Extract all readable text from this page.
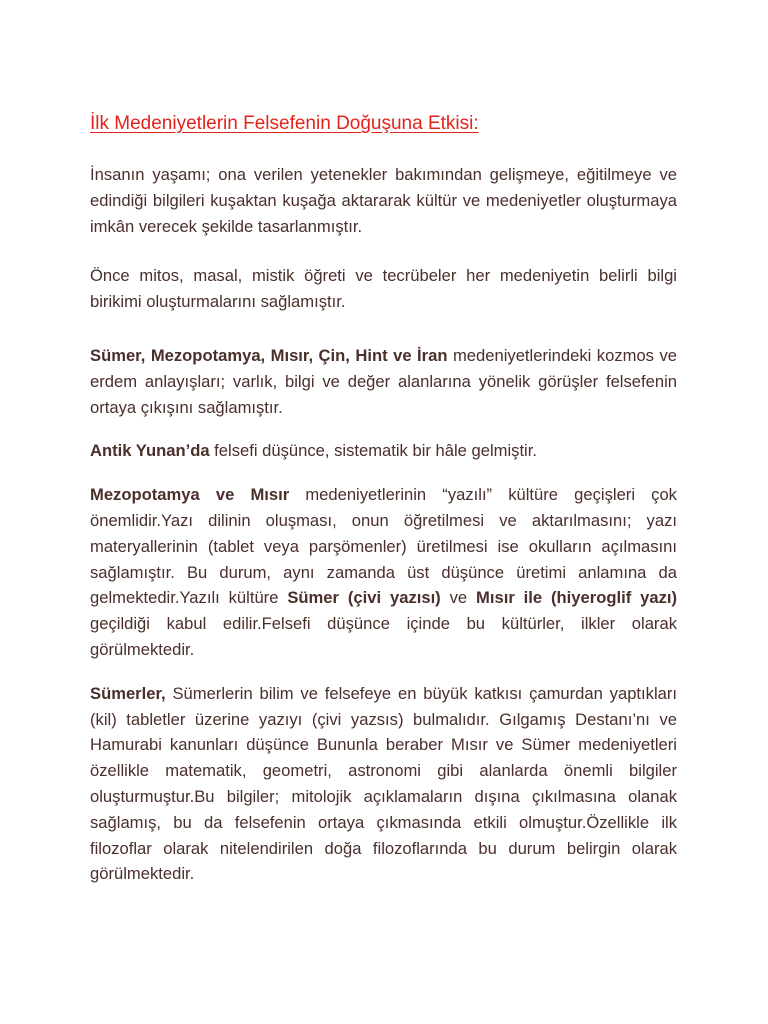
İlk Medeniyetlerin Felsefenin Doğuşuna Etkisi:

İnsanın yaşamı; ona verilen yetenekler bakımından gelişmeye, eğitilmeye ve edindiği bilgileri kuşaktan kuşağa aktararak kültür ve medeniyetler oluşturmaya imkân verecek şekilde tasarlanmıştır.

Önce mitos, masal, mistik öğreti ve tecrübeler her medeniyetin belirli bilgi birikimi oluşturmalarını sağlamıştır.

Sümer, Mezopotamya, Mısır, Çin, Hint ve İran medeniyetlerindeki kozmos ve erdem anlayışları; varlık, bilgi ve değer alanlarına yönelik görüşler felsefenin ortaya çıkışını sağlamıştır.

Antik Yunan’da felsefi düşünce, sistematik bir hâle gelmiştir.

Mezopotamya ve Mısır medeniyetlerinin “yazılı” kültüre geçişleri çok önemlidir.Yazı dilinin oluşması, onun öğretilmesi ve aktarılmasını; yazı materyallerinin (tablet veya parşömenler) üretilmesi ise okulların açılmasını sağlamıştır. Bu durum, aynı zamanda üst düşünce üretimi anlamına da gelmektedir.Yazılı kültüre Sümer (çivi yazısı) ve Mısır ile (hiyeroglif yazı) geçildiği kabul edilir.Felsefi düşünce içinde bu kültürler, ilkler olarak görülmektedir.

Sümerler, Sümerlerin bilim ve felsefeye en büyük katkısı çamurdan yaptıkları (kil) tabletler üzerine yazıyı (çivi yazsıs) bulmalıdır. Gılgamış Destanı’nı ve Hamurabi kanunları düşünce Bununla beraber Mısır ve Sümer medeniyetleri özellikle matematik, geometri, astronomi gibi alanlarda önemli bilgiler oluşturmuştur.Bu bilgiler; mitolojik açıklamaların dışına çıkılmasına olanak sağlamış, bu da felsefenin ortaya çıkmasında etkili olmuştur.Özellikle ilk filozoflar olarak nitelendirilen doğa filozoflarında bu durum belirgin olarak görülmektedir.
